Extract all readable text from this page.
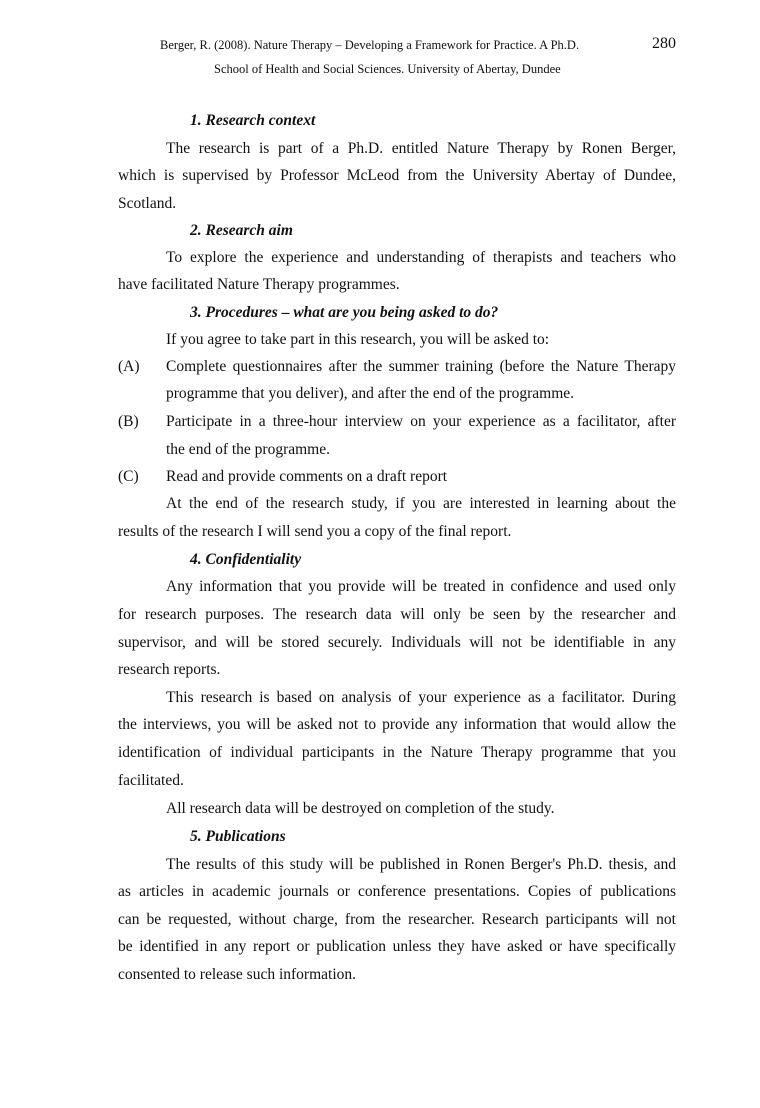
Berger, R. (2008). Nature Therapy – Developing a Framework for Practice. A Ph.D.	280
School of Health and Social Sciences. University of Abertay, Dundee
1. Research context
The research is part of a Ph.D. entitled Nature Therapy by Ronen Berger,
which is supervised by Professor McLeod from the University Abertay of Dundee,
Scotland.
2. Research aim
To explore the experience and understanding of therapists and teachers who
have facilitated Nature Therapy programmes.
3. Procedures – what are you being asked to do?
If you agree to take part in this research, you will be asked to:
(A) Complete questionnaires after the summer training (before the Nature Therapy
programme that you deliver), and after the end of the programme.
(B) Participate in a three-hour interview on your experience as a facilitator, after
the end of the programme.
(C) Read and provide comments on a draft report
At the end of the research study, if you are interested in learning about the
results of the research I will send you a copy of the final report.
4. Confidentiality
Any information that you provide will be treated in confidence and used only
for research purposes. The research data will only be seen by the researcher and
supervisor, and will be stored securely. Individuals will not be identifiable in any
research reports.
This research is based on analysis of your experience as a facilitator. During
the interviews, you will be asked not to provide any information that would allow the
identification of individual participants in the Nature Therapy programme that you
facilitated.
All research data will be destroyed on completion of the study.
5. Publications
The results of this study will be published in Ronen Berger's Ph.D. thesis, and
as articles in academic journals or conference presentations. Copies of publications
can be requested, without charge, from the researcher. Research participants will not
be identified in any report or publication unless they have asked or have specifically
consented to release such information.
